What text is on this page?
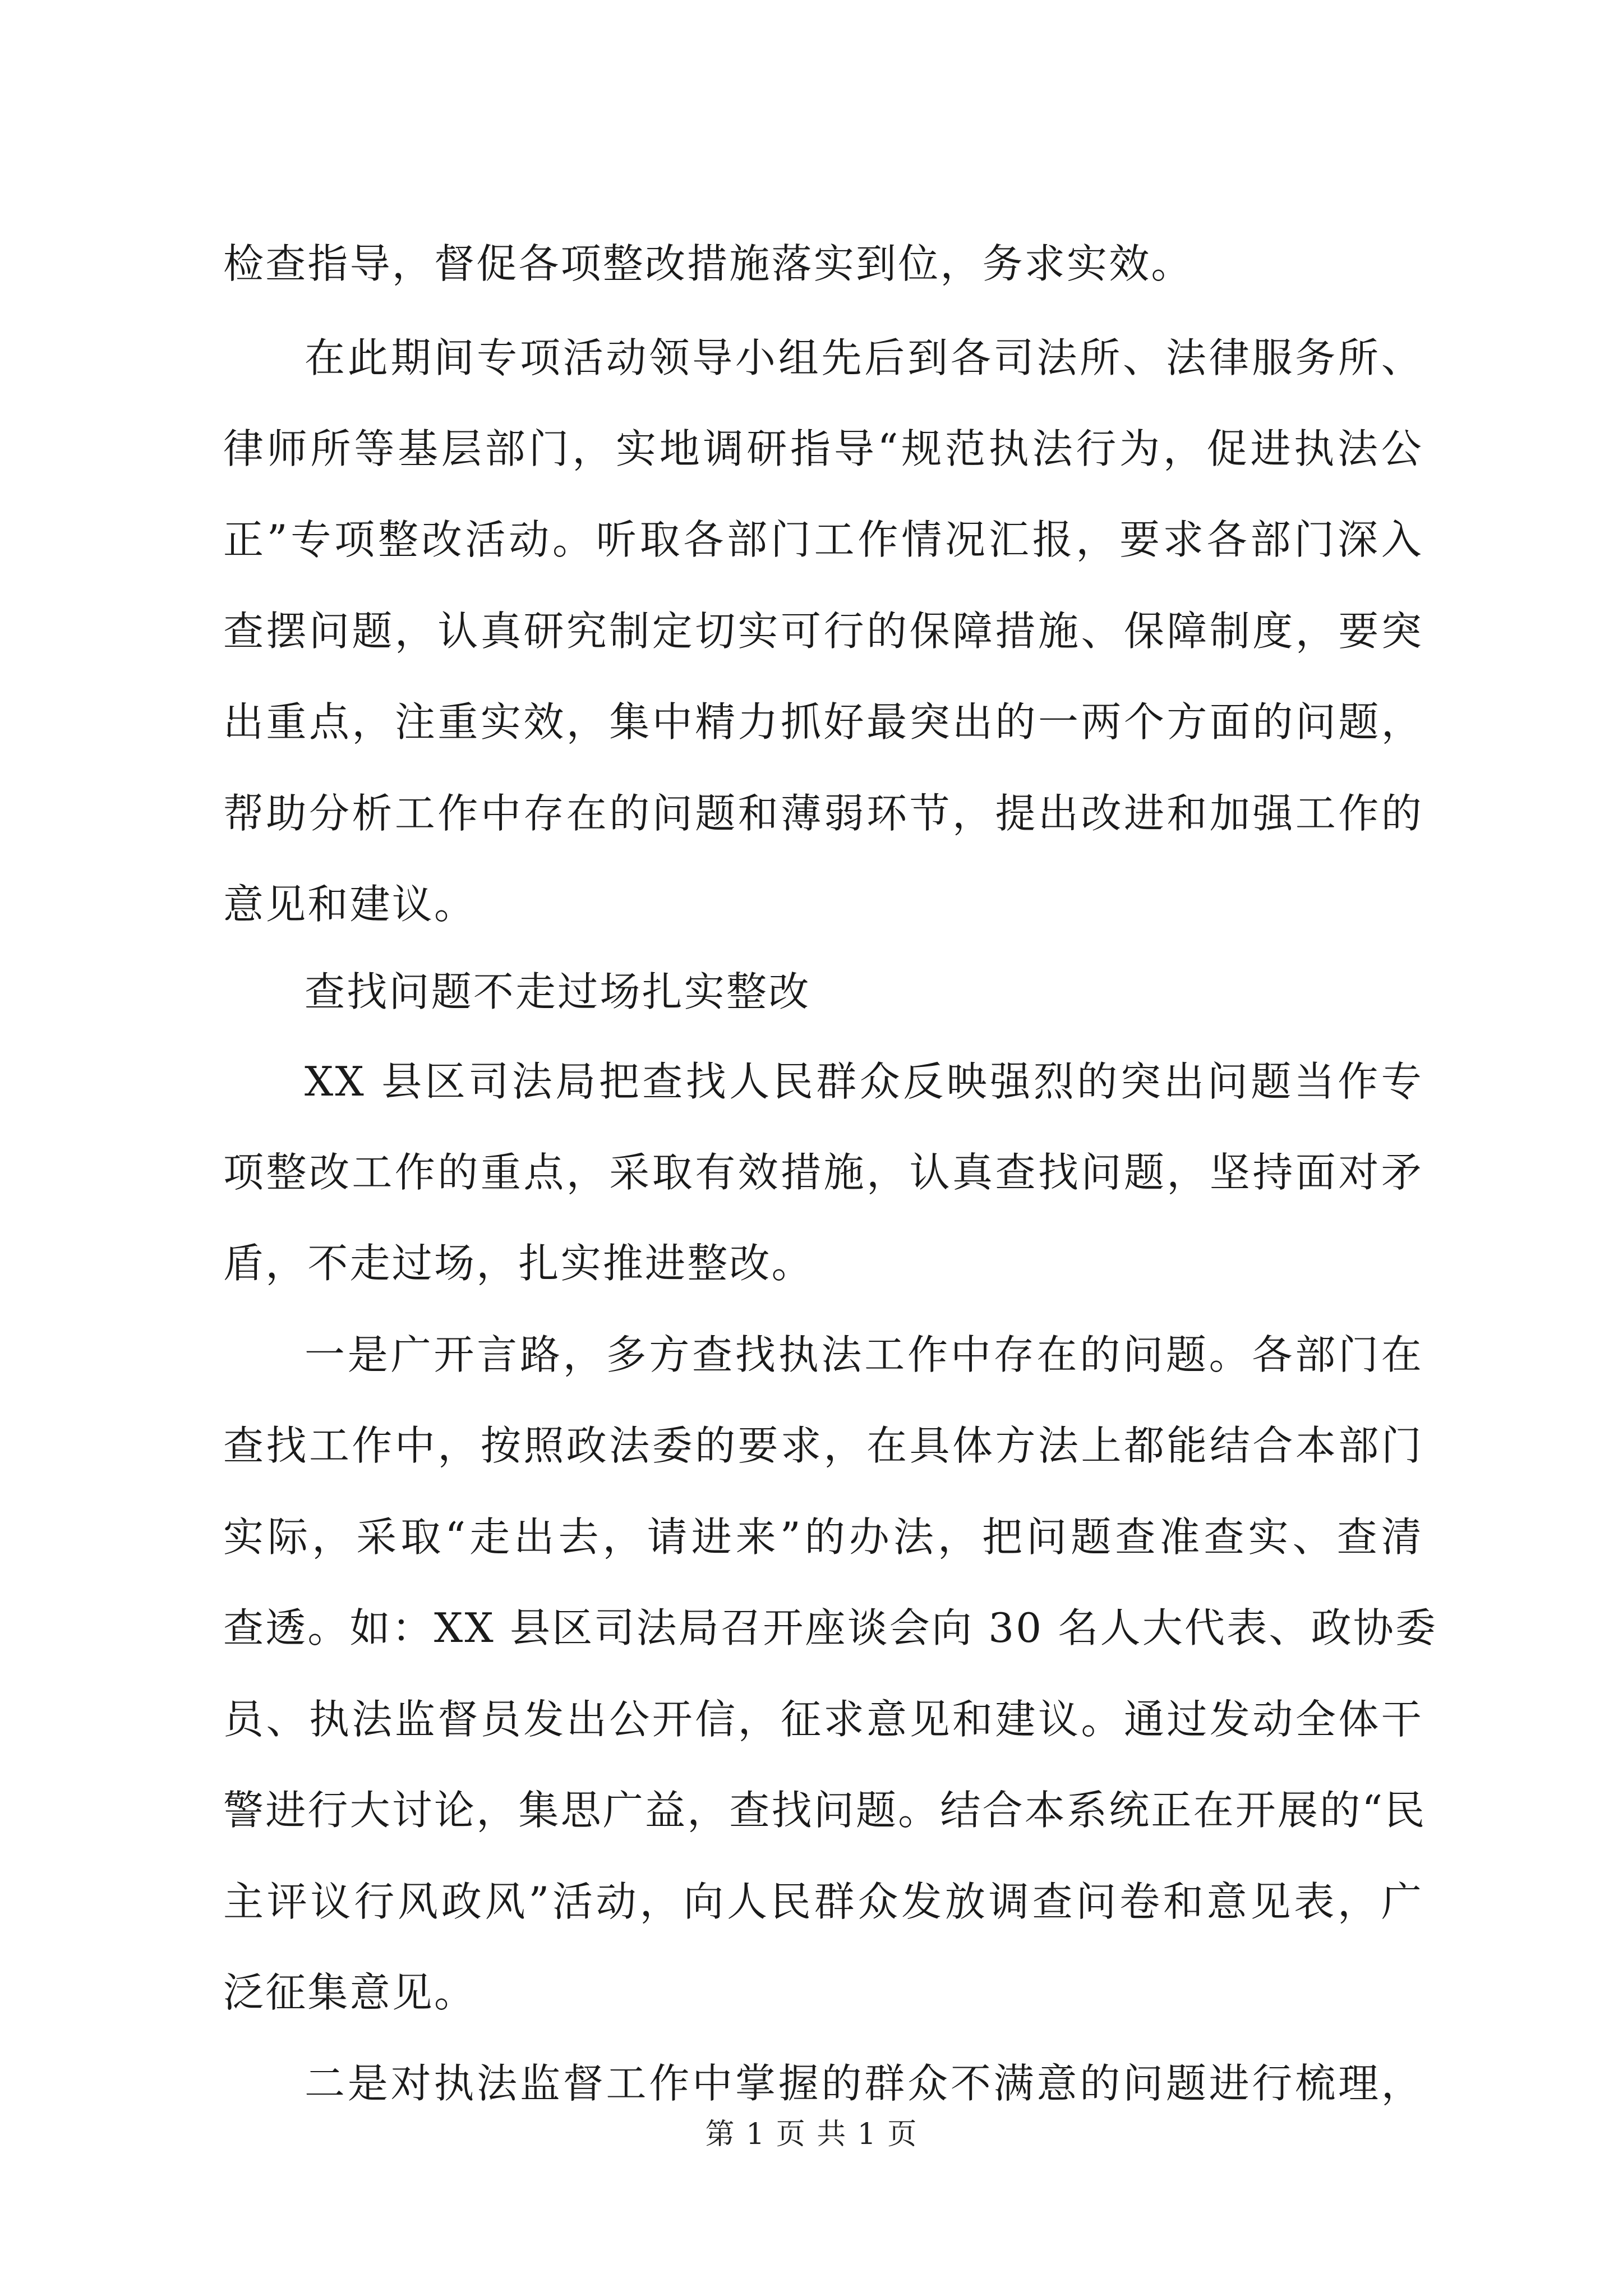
检查指导，督促各项整改措施落实到位，务求实效。
在此期间专项活动领导小组先后到各司法所、法律服务所、
律师所等基层部门，实地调研指导“规范执法行为，促进执法公
正”专项整改活动。听取各部门工作情况汇报，要求各部门深入
查摆问题，认真研究制定切实可行的保障措施、保障制度，要突
出重点，注重实效，集中精力抓好最突出的一两个方面的问题，
帮助分析工作中存在的问题和薄弱环节，提出改进和加强工作的
意见和建议。
查找问题不走过场扎实整改
XX 县区司法局把查找人民群众反映强烈的突出问题当作专
项整改工作的重点，采取有效措施，认真查找问题，坚持面对矛
盾，不走过场，扎实推进整改。
一是广开言路，多方查找执法工作中存在的问题。各部门在
查找工作中，按照政法委的要求，在具体方法上都能结合本部门
实际，采取“走出去，请进来”的办法，把问题查准查实、查清
查透。如：XX 县区司法局召开座谈会向 30 名人大代表、政协委
员、执法监督员发出公开信，征求意见和建议。通过发动全体干
警进行大讨论，集思广益，查找问题。结合本系统正在开展的“民
主评议行风政风”活动，向人民群众发放调查问卷和意见表，广
泛征集意见。
二是对执法监督工作中掌握的群众不满意的问题进行梳理，
第 1 页 共 1 页
